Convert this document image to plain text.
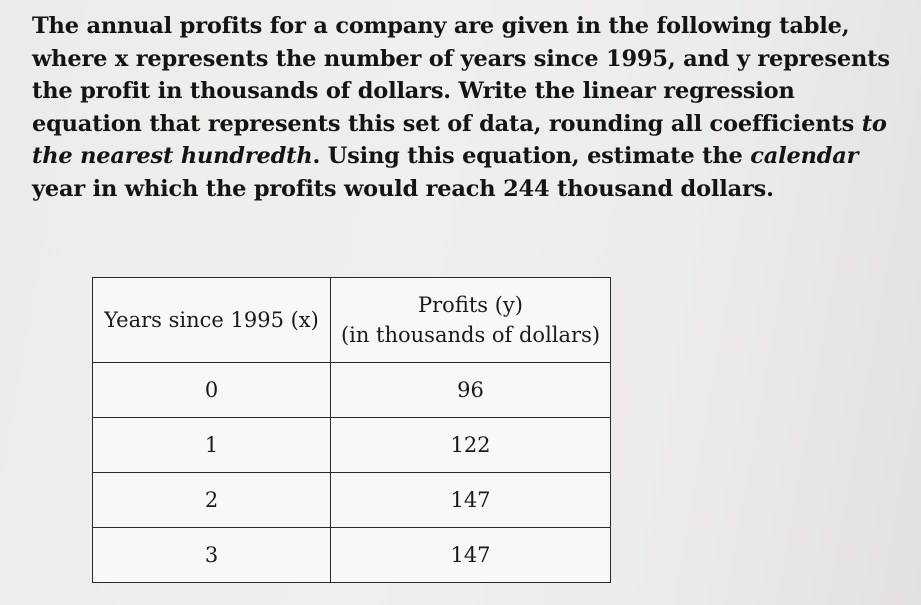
The annual profits for a company are given in the following table, where x represents the number of years since 1995, and y represents the profit in thousands of dollars. Write the linear regression equation that represents this set of data, rounding all coefficients to the nearest hundredth. Using this equation, estimate the calendar year in which the profits would reach 244 thousand dollars.

Years since 1995 (x)	Profits (y)
(in thousands of dollars)
0	96
1	122
2	147
3	147
